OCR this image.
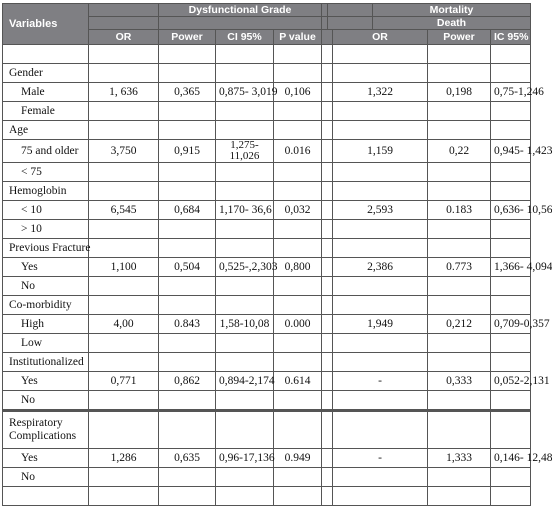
Variables		Dysfunctional Grade						Mortality			
								Death			
	OR	Power	CI 95%	P value			OR		Power	IC 95%	

Gender											
Male	1, 636	0,365	0,875- 3,019	0,106			1,322		0,198	0,75-1,246	
Female											
Age											
75 and older	3,750	0,915	1,275- 11,026	0.016			1,159		0,22	0,945- 1,423	
< 75											
Hemoglobin											
< 10	6,545	0,684	1,170- 36,6	0,032			2,593		0.183	0,636- 10,56	
> 10											
Previous Fracture											
Yes	1,100	0,504	0,525-,2,303	0,800			2,386		0.773	1,366- 4,094	
No											
Co-morbidity											
High	4,00	0.843	1,58-10,08	0.000			1,949		0,212	0,709-0,357	
Low											
Institutionalized											
Yes	0,771	0,862	0,894-2,174	0.614			-		0,333	0,052-2,131	
No											
Respiratory Complications											
Yes	1,286	0,635	0,96-17,136	0.949			-		1,333	0,146- 12,48	
No											
